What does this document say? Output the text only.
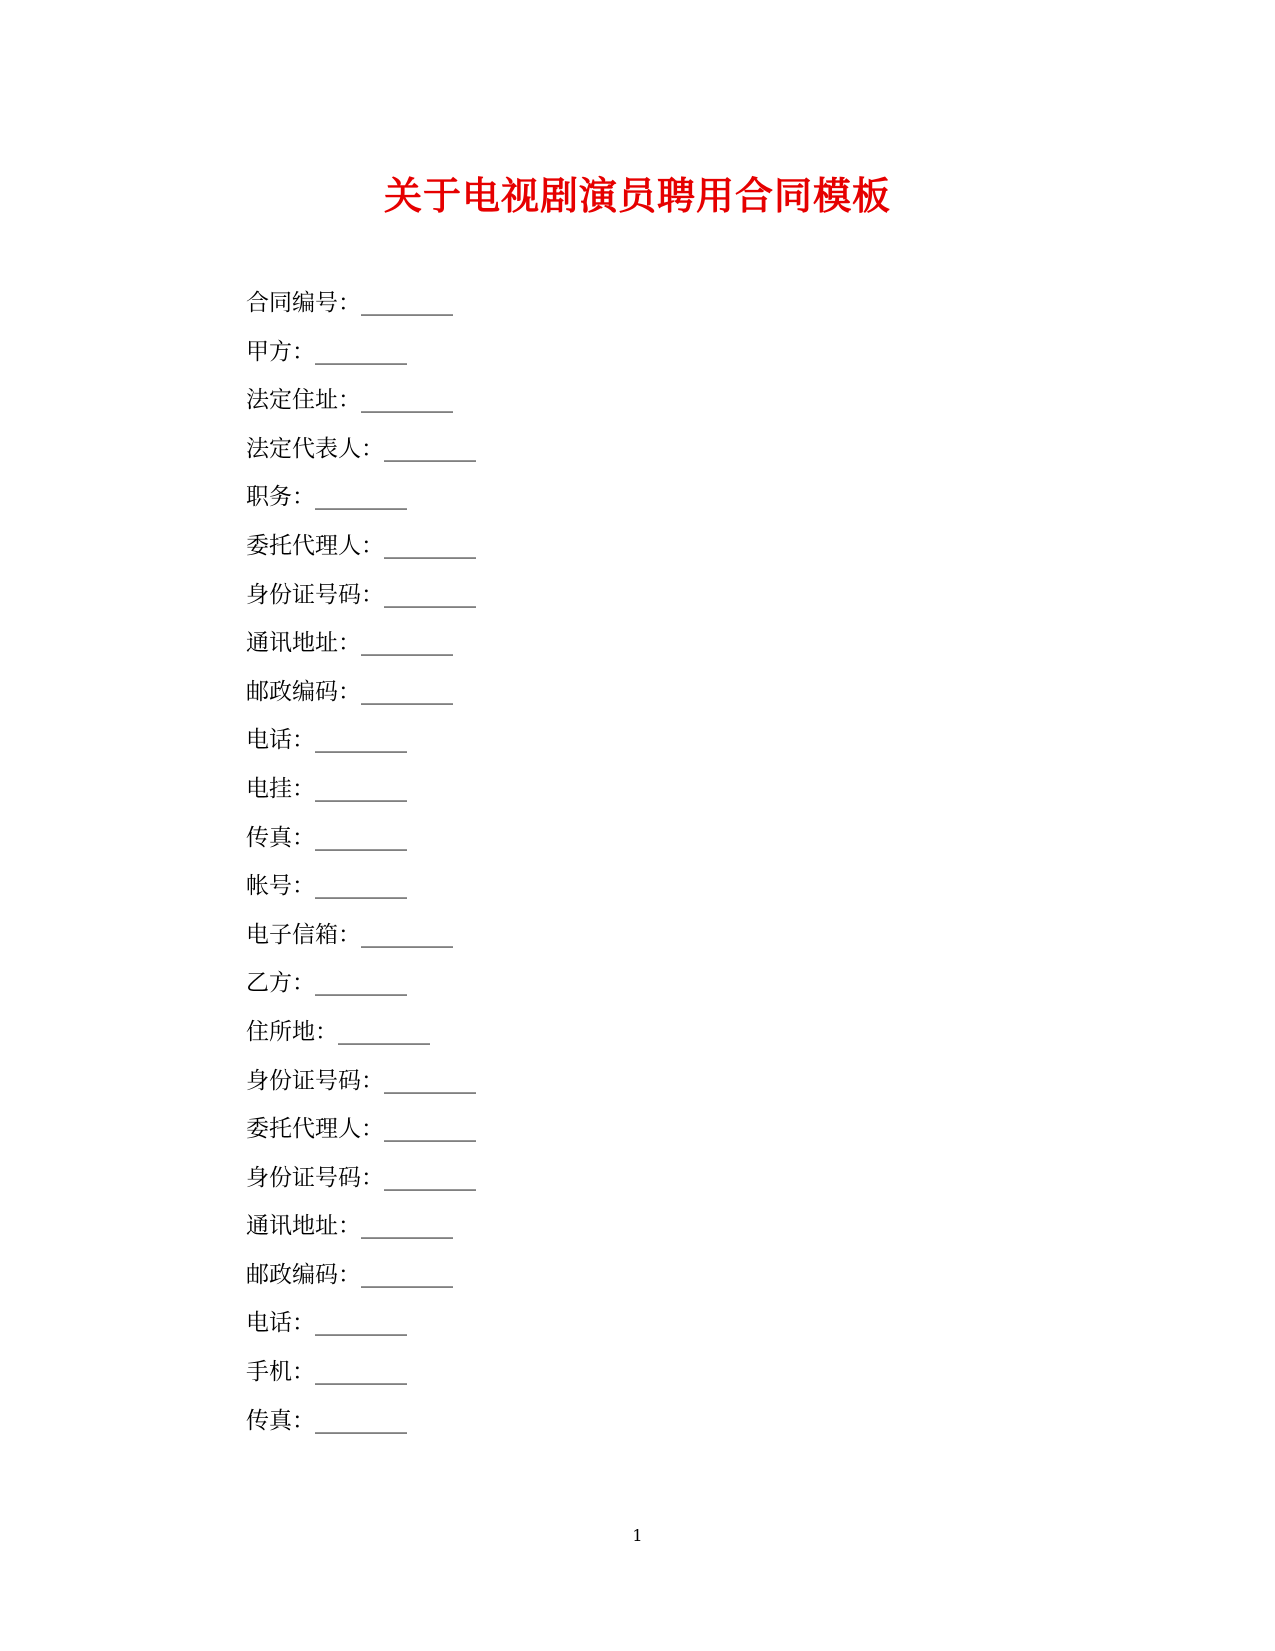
关于电视剧演员聘用合同模板
合同编号：________
甲方：________
法定住址：________
法定代表人：________
职务：________
委托代理人：________
身份证号码：________
通讯地址：________
邮政编码：________
电话：________
电挂：________
传真：________
帐号：________
电子信箱：________
乙方：________
住所地：________
身份证号码：________
委托代理人：________
身份证号码：________
通讯地址：________
邮政编码：________
电话：________
手机：________
传真：________
1
